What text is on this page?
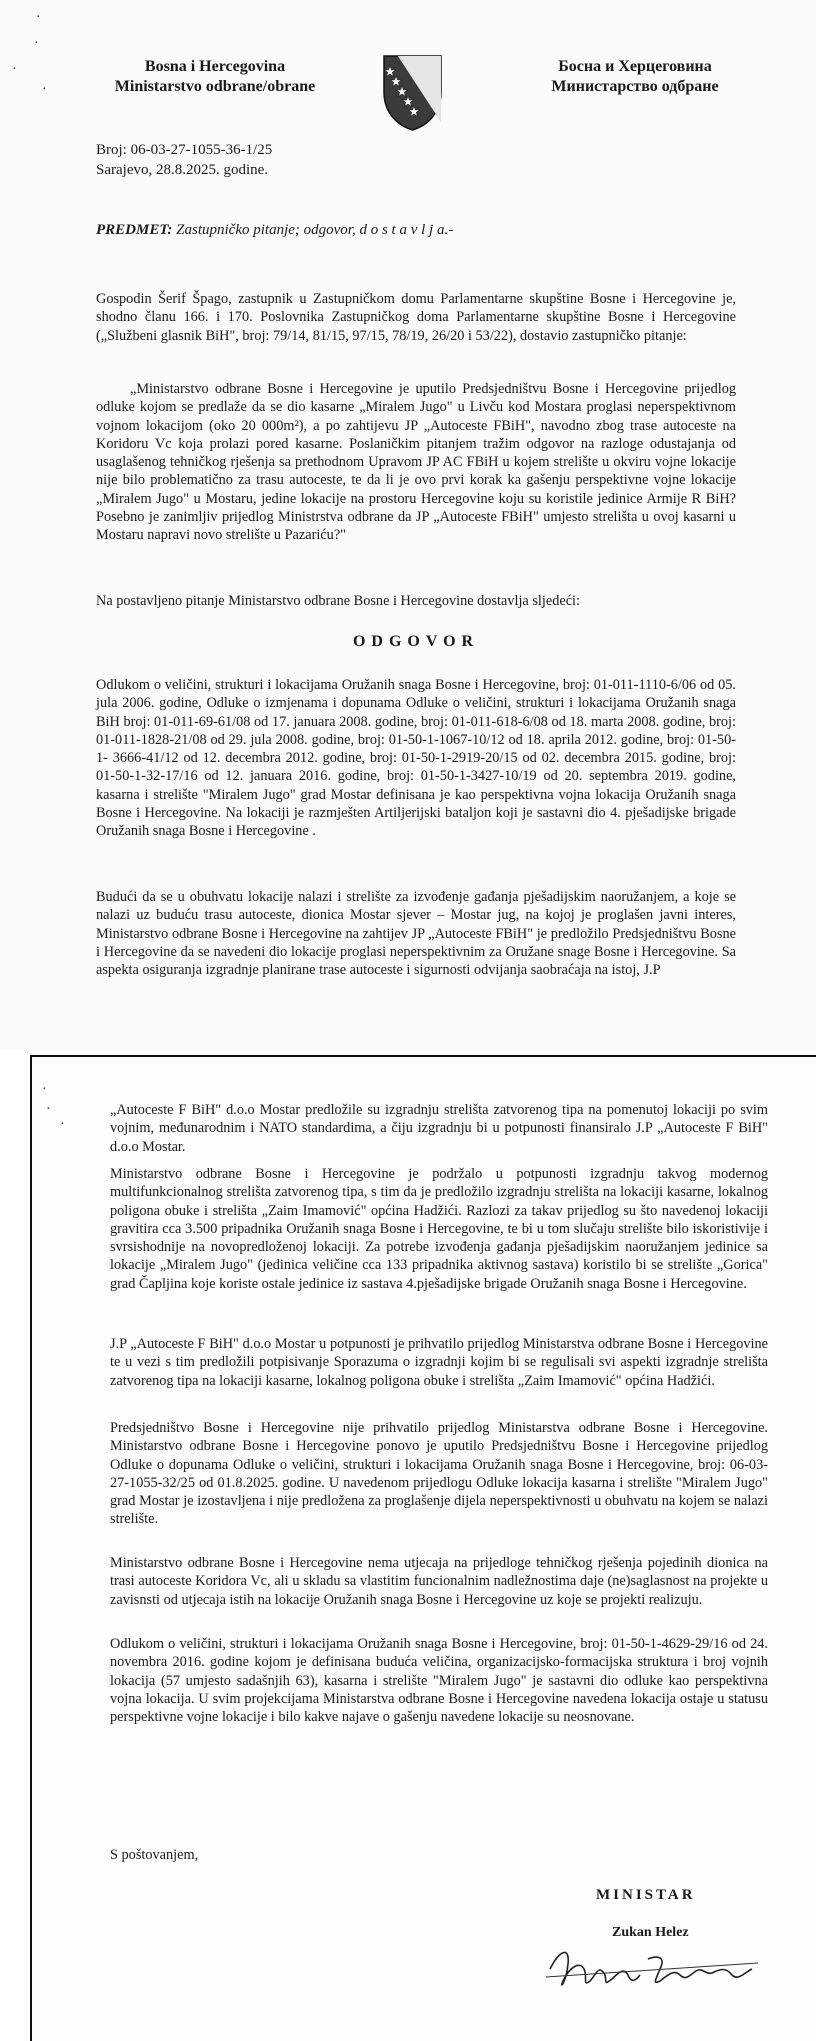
·
·
·
·
Bosna i Hercegovina
Ministarstvo odbrane/obrane
Босна и Херцеговина
Министарство одбране
Broj: 06-03-27-1055-36-1/25
Sarajevo, 28.8.2025. godine.
PREDMET: Zastupničko pitanje; odgovor, d o s t a v l j a.-
Gospodin Šerif Špago, zastupnik u Zastupničkom domu Parlamentarne skupštine Bosne i Hercegovine je, shodno članu 166. i 170. Poslovnika Zastupničkog doma Parlamentarne skupštine Bosne i Hercegovine („Službeni glasnik BiH", broj: 79/14, 81/15, 97/15, 78/19, 26/20 i 53/22), dostavio zastupničko pitanje:
„Ministarstvo odbrane Bosne i Hercegovine je uputilo Predsjedništvu Bosne i Hercegovine prijedlog odluke kojom se predlaže da se dio kasarne „Miralem Jugo" u Livču kod Mostara proglasi neperspektivnom vojnom lokacijom (oko 20 000m²), a po zahtijevu JP „Autoceste FBiH", navodno zbog trase autoceste na Koridoru Vc koja prolazi pored kasarne. Poslaničkim pitanjem tražim odgovor na razloge odustajanja od usaglašenog tehničkog rješenja sa prethodnom Upravom JP AC FBiH u kojem strelište u okviru vojne lokacije nije bilo problematično za trasu autoceste, te da li je ovo prvi korak ka gašenju perspektivne vojne lokacije „Miralem Jugo" u Mostaru, jedine lokacije na prostoru Hercegovine koju su koristile jedinice Armije R BiH? Posebno je zanimljiv prijedlog Ministrstva odbrane da JP „Autoceste FBiH" umjesto strelišta u ovoj kasarni u Mostaru napravi novo strelište u Pazariću?"
Na postavljeno pitanje Ministarstvo odbrane Bosne i Hercegovine dostavlja sljedeći:
ODGOVOR
Odlukom o veličini, strukturi i lokacijama Oružanih snaga Bosne i Hercegovine, broj: 01-011-1110-6/06 od 05. jula 2006. godine, Odluke o izmjenama i dopunama Odluke o veličini, strukturi i lokacijama Oružanih snaga BiH broj: 01-011-69-61/08 od 17. januara 2008. godine, broj: 01-011-618-6/08 od 18. marta 2008. godine, broj: 01-011-1828-21/08 od 29. jula 2008. godine, broj: 01-50-1-1067-10/12 od 18. aprila 2012. godine, broj: 01-50-1- 3666-41/12 od 12. decembra 2012. godine, broj: 01-50-1-2919-20/15 od 02. decembra 2015. godine, broj: 01-50-1-32-17/16 od 12. januara 2016. godine, broj: 01-50-1-3427-10/19 od 20. septembra 2019. godine, kasarna i strelište "Miralem Jugo" grad Mostar definisana je kao perspektivna vojna lokacija Oružanih snaga Bosne i Hercegovine. Na lokaciji je razmješten Artiljerijski bataljon koji je sastavni dio 4. pješadijske brigade Oružanih snaga Bosne i Hercegovine .
Budući da se u obuhvatu lokacije nalazi i strelište za izvođenje gađanja pješadijskim naoružanjem, a koje se nalazi uz buduću trasu autoceste, dionica Mostar sjever – Mostar jug, na kojoj je proglašen javni interes, Ministarstvo odbrane Bosne i Hercegovine na zahtijev JP „Autoceste FBiH" je predložilo Predsjedništvu Bosne i Hercegovine da se navedeni dio lokacije proglasi neperspektivnim za Oružane snage Bosne i Hercegovine. Sa aspekta osiguranja izgradnje planirane trase autoceste i sigurnosti odvijanja saobraćaja na istoj, J.P
·
·
·
„Autoceste F BiH" d.o.o Mostar predložile su izgradnju strelišta zatvorenog tipa na pomenutoj lokaciji po svim vojnim, međunarodnim i NATO standardima, a čiju izgradnju bi u potpunosti finansiralo J.P „Autoceste F BiH" d.o.o Mostar.
Ministarstvo odbrane Bosne i Hercegovine je podržalo u potpunosti izgradnju takvog modernog multifunkcionalnog strelišta zatvorenog tipa, s tim da je predložilo izgradnju strelišta na lokaciji kasarne, lokalnog poligona obuke i strelišta „Zaim Imamović" općina Hadžići. Razlozi za takav prijedlog su što navedenoj lokaciji gravitira cca 3.500 pripadnika Oružanih snaga Bosne i Hercegovine, te bi u tom slučaju strelište bilo iskoristivije i svrsishodnije na novopredloženoj lokaciji. Za potrebe izvođenja gađanja pješadijskim naoružanjem jedinice sa lokacije „Miralem Jugo" (jedinica veličine cca 133 pripadnika aktivnog sastava) koristilo bi se strelište „Gorica" grad Čapljina koje koriste ostale jedinice iz sastava 4.pješadijske brigade Oružanih snaga Bosne i Hercegovine.
J.P „Autoceste F BiH" d.o.o Mostar u potpunosti je prihvatilo prijedlog Ministarstva odbrane Bosne i Hercegovine te u vezi s tim predložili potpisivanje Sporazuma o izgradnji kojim bi se regulisali svi aspekti izgradnje strelišta zatvorenog tipa na lokaciji kasarne, lokalnog poligona obuke i strelišta „Zaim Imamović" općina Hadžići.
Predsjedništvo Bosne i Hercegovine nije prihvatilo prijedlog Ministarstva odbrane Bosne i Hercegovine. Ministarstvo odbrane Bosne i Hercegovine ponovo je uputilo Predsjedništvu Bosne i Hercegovine prijedlog Odluke o dopunama Odluke o veličini, strukturi i lokacijama Oružanih snaga Bosne i Hercegovine, broj: 06-03-27-1055-32/25 od 01.8.2025. godine. U navedenom prijedlogu Odluke lokacija kasarna i strelište "Miralem Jugo" grad Mostar je izostavljena i nije predložena za proglašenje dijela neperspektivnosti u obuhvatu na kojem se nalazi strelište.
Ministarstvo odbrane Bosne i Hercegovine nema utjecaja na prijedloge tehničkog rješenja pojedinih dionica na trasi autoceste Koridora Vc, ali u skladu sa vlastitim funcionalnim nadležnostima daje (ne)saglasnost na projekte u zavisnsti od utjecaja istih na lokacije Oružanih snaga Bosne i Hercegovine uz koje se projekti realizuju.
Odlukom o veličini, strukturi i lokacijama Oružanih snaga Bosne i Hercegovine, broj: 01-50-1-4629-29/16 od 24. novembra 2016. godine kojom je definisana buduća veličina, organizacijsko-formacijska struktura i broj vojnih lokacija (57 umjesto sadašnjih 63), kasarna i strelište "Miralem Jugo" je sastavni dio odluke kao perspektivna vojna lokacija. U svim projekcijama Ministarstva odbrane Bosne i Hercegovine navedena lokacija ostaje u statusu perspektivne vojne lokacije i bilo kakve najave o gašenju navedene lokacije su neosnovane.
S poštovanjem,
MINISTAR
Zukan Helez
